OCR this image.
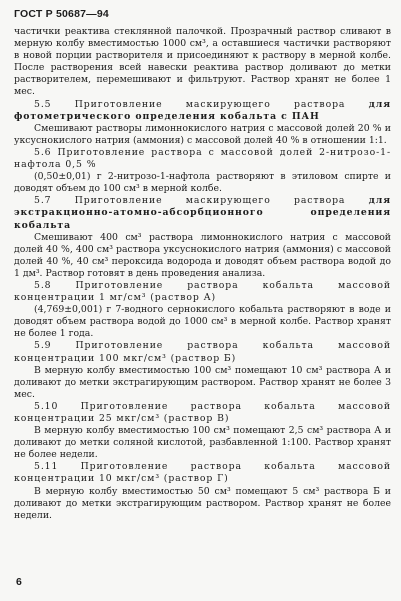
ГОСТ Р 50687—94

частички реактива стеклянной палочкой. Прозрачный раствор сливают в мерную колбу вместимостью 1000 см³, а оставшиеся частички растворяют в новой порции растворителя и присоединяют к раствору в мерной колбе. После растворения всей навески реактива раствор доливают до метки растворителем, перемешивают и фильтруют. Раствор хранят не более 1 мес.

5.5 Приготовление маскирующего раствора для фотометрического определения кобальта с ПАН

Смешивают растворы лимоннокислого натрия с массовой долей 20 % и уксуснокислого натрия (аммония) с массовой долей 40 % в отношении 1:1.

5.6 Приготовление раствора с массовой долей 2-нитрозо-1-нафтола 0,5 %

(0,50±0,01) г 2-нитрозо-1-нафтола растворяют в этиловом спирте и доводят объем до 100 см³ в мерной колбе.

5.7 Приготовление маскирующего раствора для экстракционно-атомно-абсорбционного определения кобальта

Смешивают 400 см³ раствора лимоннокислого натрия с массовой долей 40 %, 400 см³ раствора уксуснокислого натрия (аммония) с массовой долей 40 %, 40 см³ пероксида водорода и доводят объем раствора водой до 1 дм³. Раствор готовят в день проведения анализа.

5.8 Приготовление раствора кобальта массовой концентрации 1 мг/см³ (раствор А)

(4,769±0,001) г 7-водного сернокислого кобальта растворяют в воде и доводят объем раствора водой до 1000 см³ в мерной колбе. Раствор хранят не более 1 года.

5.9 Приготовление раствора кобальта массовой концентрации 100 мкг/см³ (раствор Б)

В мерную колбу вместимостью 100 см³ помещают 10 см³ раствора А и доливают до метки экстрагирующим раствором. Раствор хранят не более 3 мес.

5.10 Приготовление раствора кобальта массовой концентрации 25 мкг/см³ (раствор В)

В мерную колбу вместимостью 100 см³ помещают 2,5 см³ раствора А и доливают до метки соляной кислотой, разбавленной 1:100. Раствор хранят не более недели.

5.11 Приготовление раствора кобальта массовой концентрации 10 мкг/см³ (раствор Г)

В мерную колбу вместимостью 50 см³ помещают 5 см³ раствора Б и доливают до метки экстрагирующим раствором. Раствор хранят не более недели.

6
